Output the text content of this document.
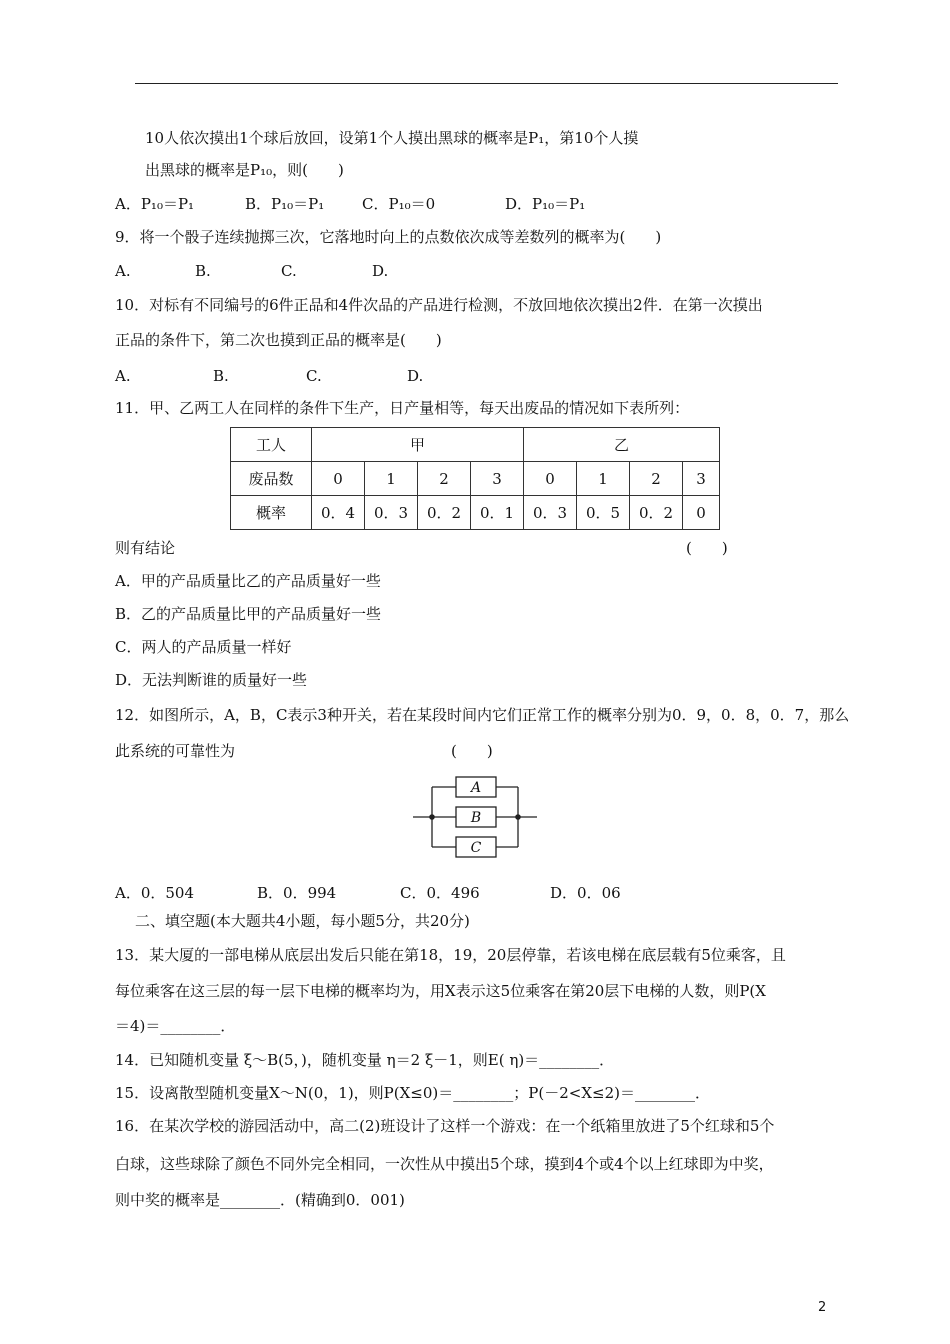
10人依次摸出1个球后放回，设第1个人摸出黑球的概率是P₁，第10个人摸
出黑球的概率是P₁₀，则(　　)
A．P₁₀＝P₁	B．P₁₀＝P₁	C．P₁₀＝0	D．P₁₀＝P₁
9．将一个骰子连续抛掷三次，它落地时向上的点数依次成等差数列的概率为(　　)
A.	B.	C.	D.
10．对标有不同编号的6件正品和4件次品的产品进行检测，不放回地依次摸出2件．在第一次摸出
正品的条件下，第二次也摸到正品的概率是(　　)
A.	B.	C.	D.
11．甲、乙两工人在同样的条件下生产，日产量相等，每天出废品的情况如下表所列：
工人	甲				乙			
废品数	0	1	2	3	0	1	2	3
概率	0．4	0．3	0．2	0．1	0．3	0．5	0．2	0
则有结论	(　　)
A．甲的产品质量比乙的产品质量好一些
B．乙的产品质量比甲的产品质量好一些
C．两人的产品质量一样好
D．无法判断谁的质量好一些
12．如图所示，A，B，C表示3种开关，若在某段时间内它们正常工作的概率分别为0．9，0．8，0．7，那么
此系统的可靠性为	(　　)
A
B
C
A．0．504	B．0．994	C．0．496	D．0．06
二、填空题(本大题共4小题，每小题5分，共20分)
13．某大厦的一部电梯从底层出发后只能在第18，19，20层停靠，若该电梯在底层载有5位乘客，且
每位乘客在这三层的每一层下电梯的概率均为，用X表示这5位乘客在第20层下电梯的人数，则P(X
＝4)＝________．
14．已知随机变量 ξ～B(5，)，随机变量 η＝2 ξ－1，则E( η)＝________．
15．设离散型随机变量X～N(0，1)，则P(X≤0)＝________；P(－2<X≤2)＝________．
16．在某次学校的游园活动中，高二(2)班设计了这样一个游戏：在一个纸箱里放进了5个红球和5个
白球，这些球除了颜色不同外完全相同，一次性从中摸出5个球，摸到4个或4个以上红球即为中奖，
则中奖的概率是________．(精确到0．001)
2
